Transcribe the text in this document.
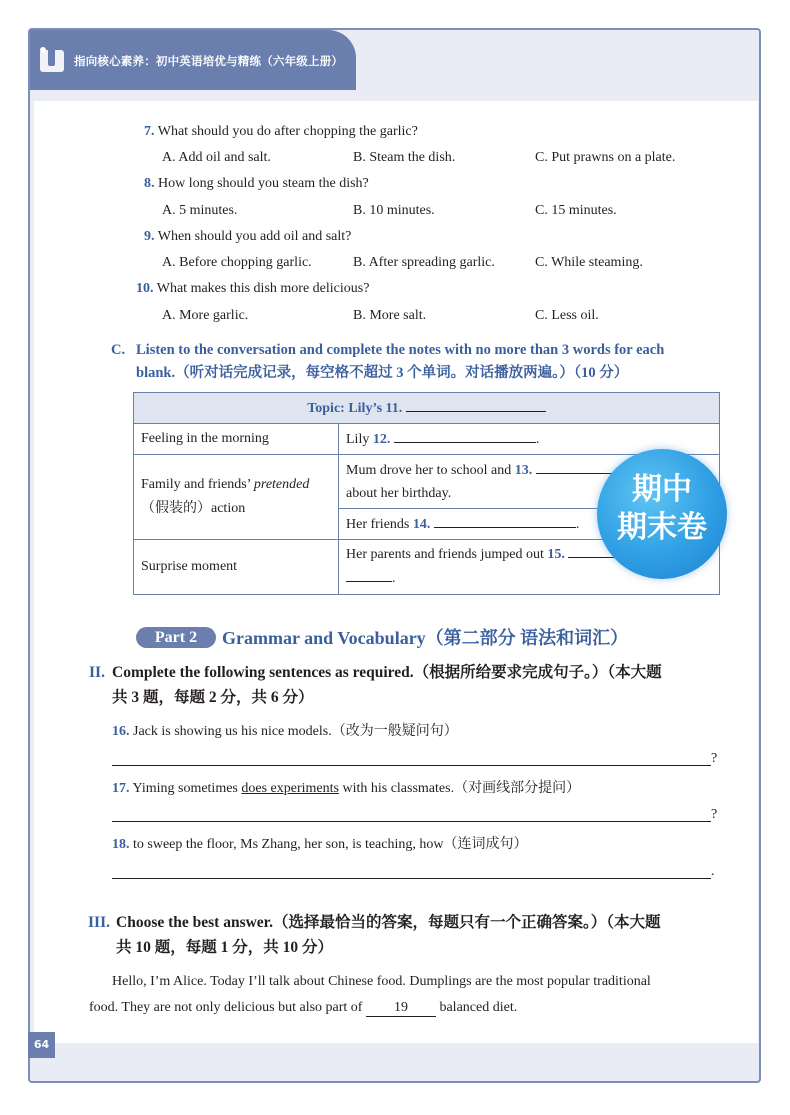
指向核心素养：初中英语培优与精练（六年级上册）
7. What should you do after chopping the garlic?
A. Add oil and salt.	B. Steam the dish.	C. Put prawns on a plate.
8. How long should you steam the dish?
A. 5 minutes.	B. 10 minutes.	C. 15 minutes.
9. When should you add oil and salt?
A. Before chopping garlic.	B. After spreading garlic.	C. While steaming.
10. What makes this dish more delicious?
A. More garlic.	B. More salt.	C. Less oil.
C. Listen to the conversation and complete the notes with no more than 3 words for each
blank.（听对话完成记录，每空格不超过 3 个单词。对话播放两遍。）（10 分）
Topic: Lily’s 11.	
Feeling in the morning	Lily 12. .
Family and friends’ pretended
（假装的）action	Mum drove her to school and 13.
about her birthday.
	Her friends 14. .
Surprise moment	Her parents and friends jumped out 15.
.
期中
期末卷
Part 2	Grammar and Vocabulary（第二部分 语法和词汇）
II. Complete the following sentences as required.（根据所给要求完成句子。）（本大题
共 3 题，每题 2 分，共 6 分）
16. Jack is showing us his nice models.（改为一般疑问句）
?
17. Yiming sometimes does experiments with his classmates.（对画线部分提问）
?
18. to sweep the floor, Ms Zhang, her son, is teaching, how（连词成句）
.
III. Choose the best answer.（选择最恰当的答案，每题只有一个正确答案。）（本大题
共 10 题，每题 1 分，共 10 分）
Hello, I’m Alice. Today I’ll talk about Chinese food. Dumplings are the most popular traditional
food. They are not only delicious but also part of 19 balanced diet.
64
